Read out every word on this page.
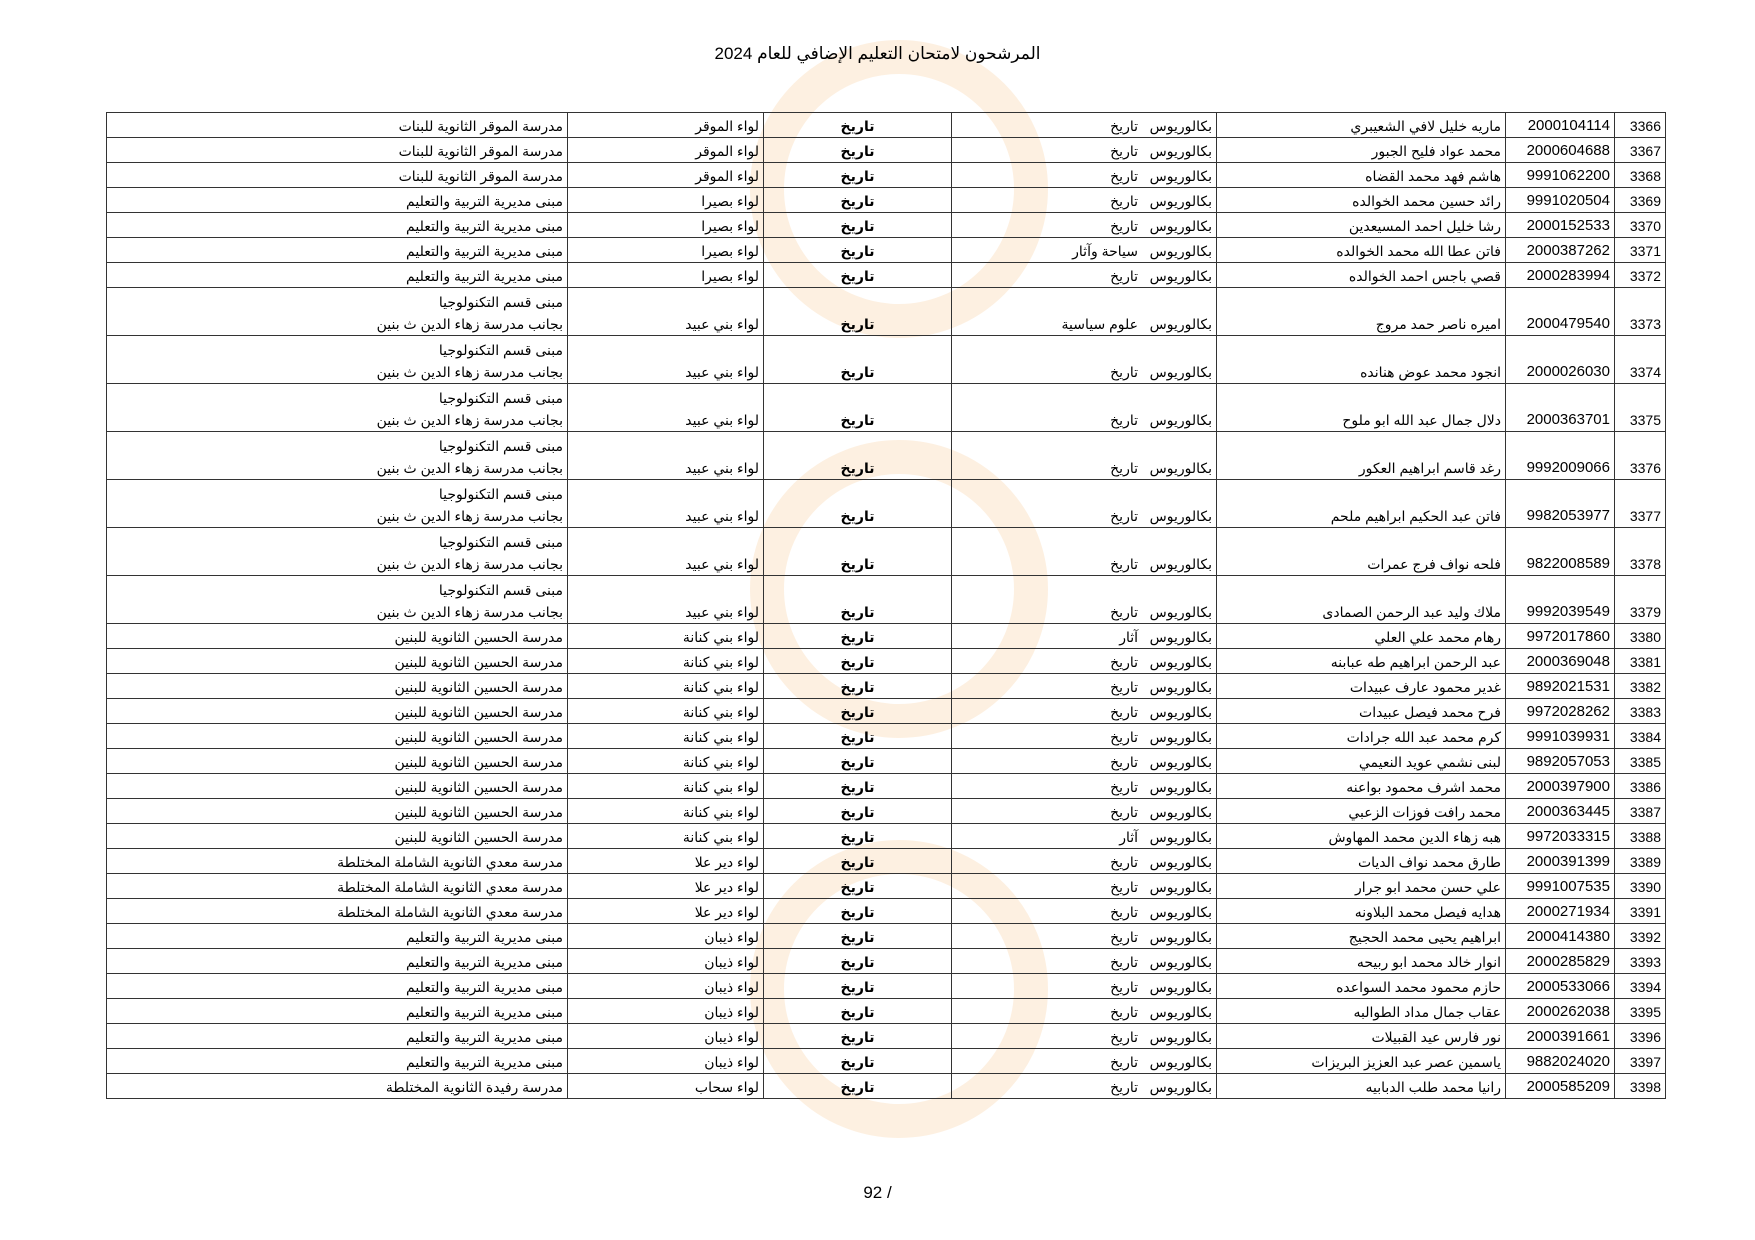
المرشحون لامتحان التعليم الإضافي للعام 2024
3366	2000104114	ماريه خليل لافي الشعيبري	بكالوريوس	تاريخ	تاريخ	لواء الموقر	مدرسة الموقر الثانوية للبنات
3367	2000604688	محمد عواد فليح الجبور	بكالوريوس	تاريخ	تاريخ	لواء الموقر	مدرسة الموقر الثانوية للبنات
3368	9991062200	هاشم فهد محمد القضاه	بكالوريوس	تاريخ	تاريخ	لواء الموقر	مدرسة الموقر الثانوية للبنات
3369	9991020504	رائد حسين محمد الخوالده	بكالوريوس	تاريخ	تاريخ	لواء بصيرا	مبنى مديرية التربية والتعليم
3370	2000152533	رشا خليل احمد المسيعدين	بكالوريوس	تاريخ	تاريخ	لواء بصيرا	مبنى مديرية التربية والتعليم
3371	2000387262	فاتن عطا الله محمد الخوالده	بكالوريوس	سياحة وآثار	تاريخ	لواء بصيرا	مبنى مديرية التربية والتعليم
3372	2000283994	قصي باجس احمد الخوالده	بكالوريوس	تاريخ	تاريخ	لواء بصيرا	مبنى مديرية التربية والتعليم
3373	2000479540	اميره ناصر حمد مروج	بكالوريوس	علوم سياسية	تاريخ	لواء بني عبيد	مبنى قسم التكنولوجيا
بجانب مدرسة زهاء الدين ث بنين
3374	2000026030	انجود محمد عوض هنانده	بكالوريوس	تاريخ	تاريخ	لواء بني عبيد	مبنى قسم التكنولوجيا
بجانب مدرسة زهاء الدين ث بنين
3375	2000363701	دلال جمال عبد الله ابو ملوح	بكالوريوس	تاريخ	تاريخ	لواء بني عبيد	مبنى قسم التكنولوجيا
بجانب مدرسة زهاء الدين ث بنين
3376	9992009066	رغد قاسم ابراهيم العكور	بكالوريوس	تاريخ	تاريخ	لواء بني عبيد	مبنى قسم التكنولوجيا
بجانب مدرسة زهاء الدين ث بنين
3377	9982053977	فاتن عبد الحكيم ابراهيم ملحم	بكالوريوس	تاريخ	تاريخ	لواء بني عبيد	مبنى قسم التكنولوجيا
بجانب مدرسة زهاء الدين ث بنين
3378	9822008589	فلحه نواف فرج عمرات	بكالوريوس	تاريخ	تاريخ	لواء بني عبيد	مبنى قسم التكنولوجيا
بجانب مدرسة زهاء الدين ث بنين
3379	9992039549	ملاك وليد عبد الرحمن الصمادى	بكالوريوس	تاريخ	تاريخ	لواء بني عبيد	مبنى قسم التكنولوجيا
بجانب مدرسة زهاء الدين ث بنين
3380	9972017860	رهام محمد علي العلي	بكالوريوس	آثار	تاريخ	لواء بني كنانة	مدرسة الحسين الثانوية للبنين
3381	2000369048	عبد الرحمن ابراهيم طه عبابنه	بكالوريوس	تاريخ	تاريخ	لواء بني كنانة	مدرسة الحسين الثانوية للبنين
3382	9892021531	غدير محمود عارف عبيدات	بكالوريوس	تاريخ	تاريخ	لواء بني كنانة	مدرسة الحسين الثانوية للبنين
3383	9972028262	فرح محمد فيصل عبيدات	بكالوريوس	تاريخ	تاريخ	لواء بني كنانة	مدرسة الحسين الثانوية للبنين
3384	9991039931	كرم محمد عبد الله جرادات	بكالوريوس	تاريخ	تاريخ	لواء بني كنانة	مدرسة الحسين الثانوية للبنين
3385	9892057053	لبنى نشمي عويد النعيمي	بكالوريوس	تاريخ	تاريخ	لواء بني كنانة	مدرسة الحسين الثانوية للبنين
3386	2000397900	محمد اشرف محمود بواعنه	بكالوريوس	تاريخ	تاريخ	لواء بني كنانة	مدرسة الحسين الثانوية للبنين
3387	2000363445	محمد رافت فوزات الزعبي	بكالوريوس	تاريخ	تاريخ	لواء بني كنانة	مدرسة الحسين الثانوية للبنين
3388	9972033315	هبه زهاء الدين محمد المهاوش	بكالوريوس	آثار	تاريخ	لواء بني كنانة	مدرسة الحسين الثانوية للبنين
3389	2000391399	طارق محمد نواف الديات	بكالوريوس	تاريخ	تاريخ	لواء دير علا	مدرسة معدي الثانوية الشاملة المختلطة
3390	9991007535	علي حسن محمد ابو جرار	بكالوريوس	تاريخ	تاريخ	لواء دير علا	مدرسة معدي الثانوية الشاملة المختلطة
3391	2000271934	هدايه فيصل محمد البلاونه	بكالوريوس	تاريخ	تاريخ	لواء دير علا	مدرسة معدي الثانوية الشاملة المختلطة
3392	2000414380	ابراهيم يحيى محمد الحجيج	بكالوريوس	تاريخ	تاريخ	لواء ذيبان	مبنى مديرية التربية والتعليم
3393	2000285829	انوار خالد محمد ابو ربيحه	بكالوريوس	تاريخ	تاريخ	لواء ذيبان	مبنى مديرية التربية والتعليم
3394	2000533066	حازم محمود محمد السواعده	بكالوريوس	تاريخ	تاريخ	لواء ذيبان	مبنى مديرية التربية والتعليم
3395	2000262038	عقاب جمال مداد الطوالبه	بكالوريوس	تاريخ	تاريخ	لواء ذيبان	مبنى مديرية التربية والتعليم
3396	2000391661	نور فارس عيد القبيلات	بكالوريوس	تاريخ	تاريخ	لواء ذيبان	مبنى مديرية التربية والتعليم
3397	9882024020	ياسمين عصر عبد العزيز البريزات	بكالوريوس	تاريخ	تاريخ	لواء ذيبان	مبنى مديرية التربية والتعليم
3398	2000585209	رانيا محمد طلب الدبابيه	بكالوريوس	تاريخ	تاريخ	لواء سحاب	مدرسة رفيدة الثانوية المختلطة
92 /
